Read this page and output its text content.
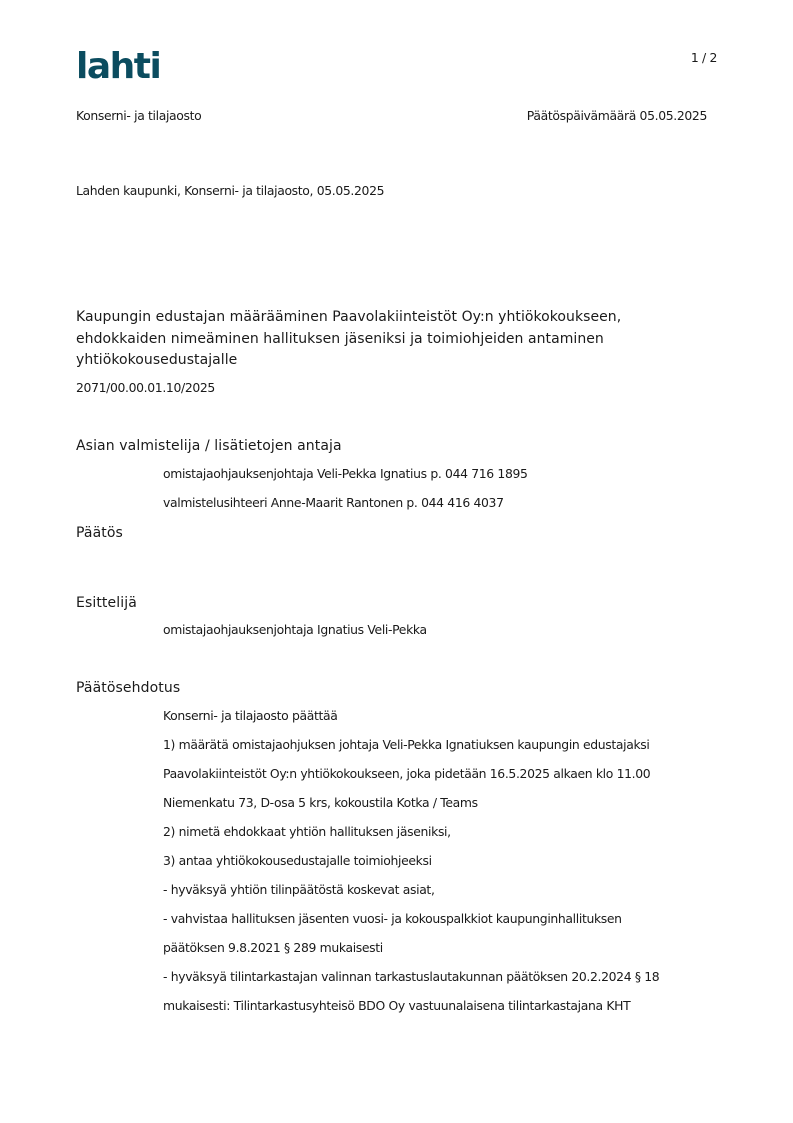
lahti	1 / 2
Konserni- ja tilajaosto	Päätöspäivämäärä 05.05.2025
Lahden kaupunki, Konserni- ja tilajaosto, 05.05.2025
Kaupungin edustajan määrääminen Paavolakiinteistöt Oy:n yhtiökokoukseen, ehdokkaiden nimeäminen hallituksen jäseniksi ja toimiohjeiden antaminen yhtiökokousedustajalle
2071/00.00.01.10/2025
Asian valmistelija / lisätietojen antaja
omistajaohjauksenjohtaja Veli-Pekka Ignatius p. 044 716 1895
valmistelusihteeri Anne-Maarit Rantonen p. 044 416 4037
Päätös
Esittelijä
omistajaohjauksenjohtaja Ignatius Veli-Pekka
Päätösehdotus
Konserni- ja tilajaosto päättää
1) määrätä omistajaohjuksen johtaja Veli-Pekka Ignatiuksen kaupungin edustajaksi
Paavolakiinteistöt Oy:n yhtiökokoukseen, joka pidetään 16.5.2025 alkaen klo 11.00
Niemenkatu 73, D-osa 5 krs, kokoustila Kotka / Teams
2) nimetä ehdokkaat yhtiön hallituksen jäseniksi,
3) antaa yhtiökokousedustajalle toimiohjeeksi
- hyväksyä yhtiön tilinpäätöstä koskevat asiat,
- vahvistaa hallituksen jäsenten vuosi- ja kokouspalkkiot kaupunginhallituksen
päätöksen 9.8.2021 § 289 mukaisesti
- hyväksyä tilintarkastajan valinnan tarkastuslautakunnan päätöksen 20.2.2024 § 18
mukaisesti: Tilintarkastusyhteisö BDO Oy vastuunalaisena tilintarkastajana KHT
